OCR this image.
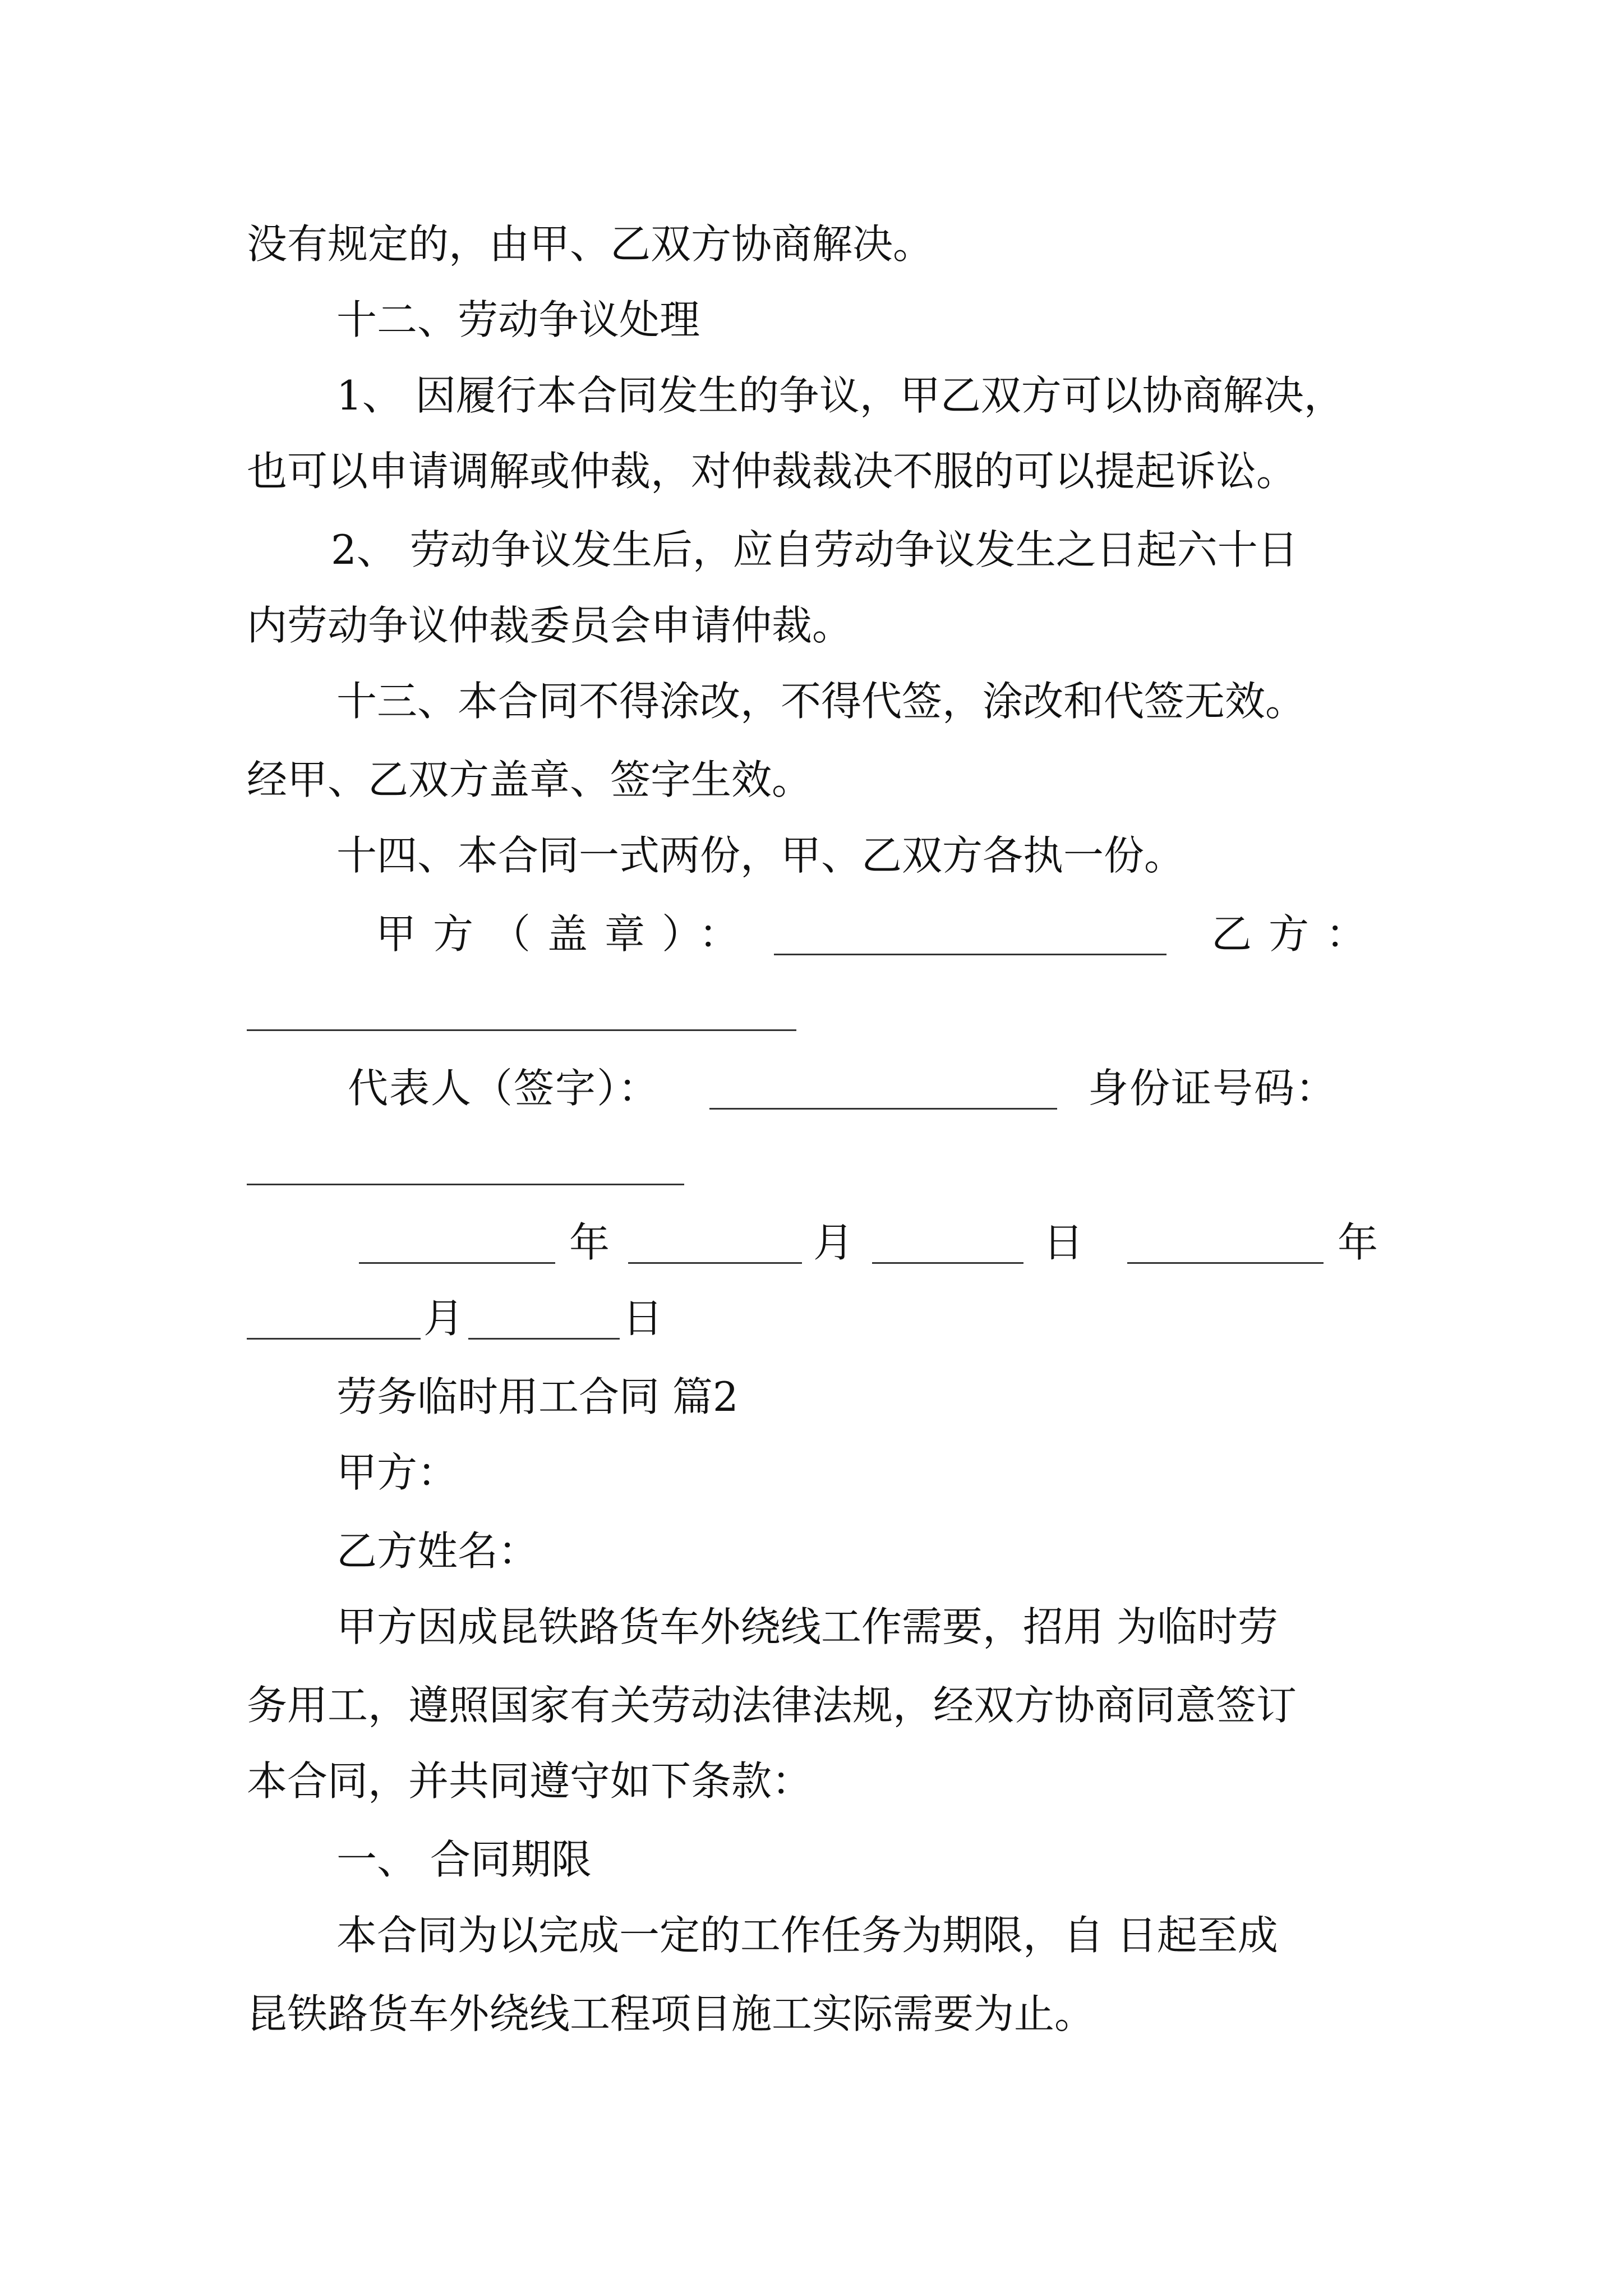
没有规定的，由甲、乙双方协商解决。
十二、劳动争议处理
1、 因履行本合同发生的争议，甲乙双方可以协商解决，
也可以申请调解或仲裁，对仲裁裁决不服的可以提起诉讼。
2、 劳动争议发生后，应自劳动争议发生之日起六十日
内劳动争议仲裁委员会申请仲裁。
十三、本合同不得涂改，不得代签，涂改和代签无效。
经甲、乙双方盖章、签字生效。
十四、本合同一式两份，甲、乙双方各执一份。
甲方（盖章）：	乙方：
代表人（签字）：	身份证号码：
年	月	日	年
月	日
劳务临时用工合同 篇2
甲方：
乙方姓名：
甲方因成昆铁路货车外绕线工作需要，招用 为临时劳
务用工，遵照国家有关劳动法律法规，经双方协商同意签订
本合同，并共同遵守如下条款：
一、 合同期限
本合同为以完成一定的工作任务为期限，自 日起至成
昆铁路货车外绕线工程项目施工实际需要为止。
